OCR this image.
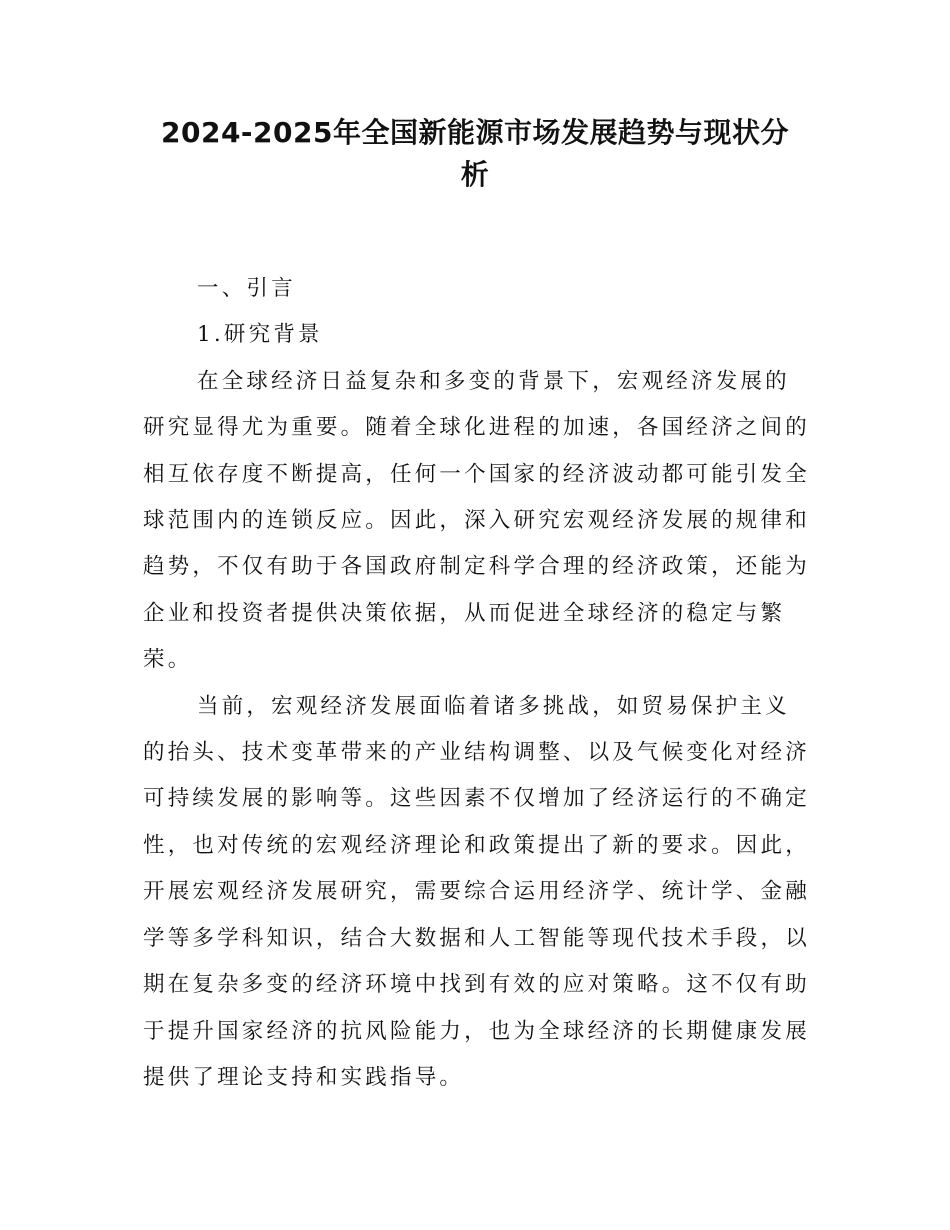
2024-2025年全国新能源市场发展趋势与现状分
析
一、引言
1.研究背景

在全球经济日益复杂和多变的背景下，宏观经济发展的
研究显得尤为重要。随着全球化进程的加速，各国经济之间的
相互依存度不断提高，任何一个国家的经济波动都可能引发全
球范围内的连锁反应。因此，深入研究宏观经济发展的规律和
趋势，不仅有助于各国政府制定科学合理的经济政策，还能为
企业和投资者提供决策依据，从而促进全球经济的稳定与繁
荣。

当前，宏观经济发展面临着诸多挑战，如贸易保护主义
的抬头、技术变革带来的产业结构调整、以及气候变化对经济
可持续发展的影响等。这些因素不仅增加了经济运行的不确定
性，也对传统的宏观经济理论和政策提出了新的要求。因此，
开展宏观经济发展研究，需要综合运用经济学、统计学、金融
学等多学科知识，结合大数据和人工智能等现代技术手段，以
期在复杂多变的经济环境中找到有效的应对策略。这不仅有助
于提升国家经济的抗风险能力，也为全球经济的长期健康发展
提供了理论支持和实践指导。
